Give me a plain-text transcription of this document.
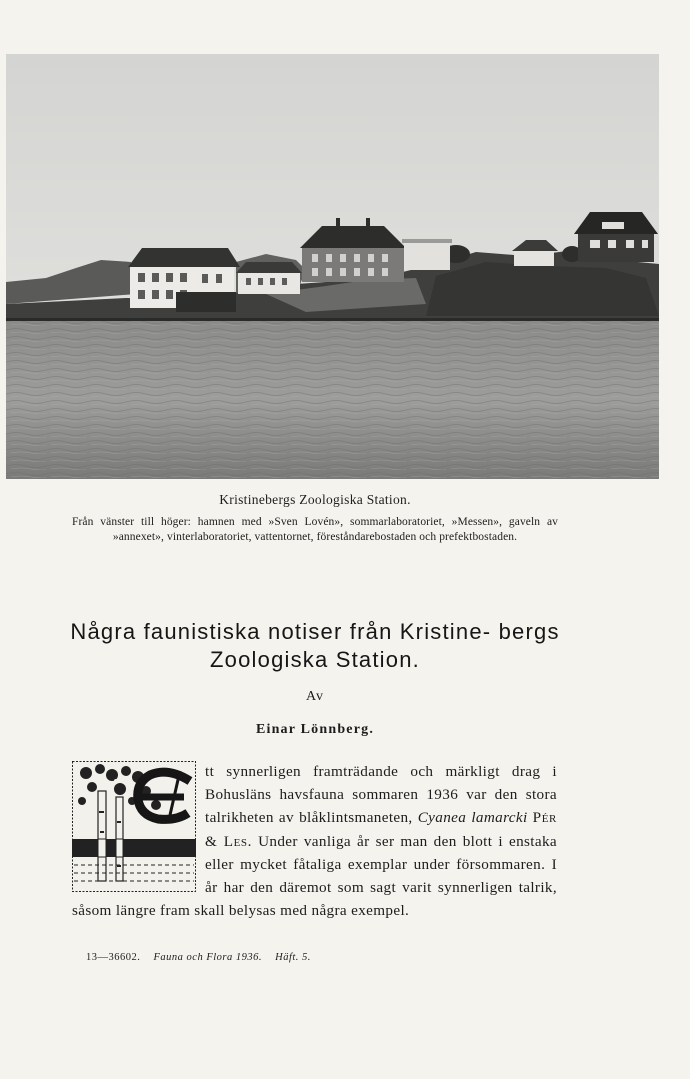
Kristinebergs Zoologiska Station.
Från vänster till höger: hamnen med »Sven Lovén», sommarlaboratoriet, »Messen», gaveln av »annexet», vinterlaboratoriet, vattentornet, föreståndarebostaden och prefektbostaden.
Några faunistiska notiser från Kristine- bergs Zoologiska Station.
Av
Einar Lönnberg.
tt synnerligen framträdande och märkligt drag i Bohusläns havsfauna sommaren 1936 var den stora talrikheten av blåklintsmaneten, Cyanea lamarcki Pér & Les. Under vanliga år ser man den blott i enstaka eller mycket fåtaliga exemplar under försommaren. I år har den däremot som sagt varit synnerligen talrik, såsom längre fram skall belysas med några exempel.
13—36602. Fauna och Flora 1936. Häft. 5.
